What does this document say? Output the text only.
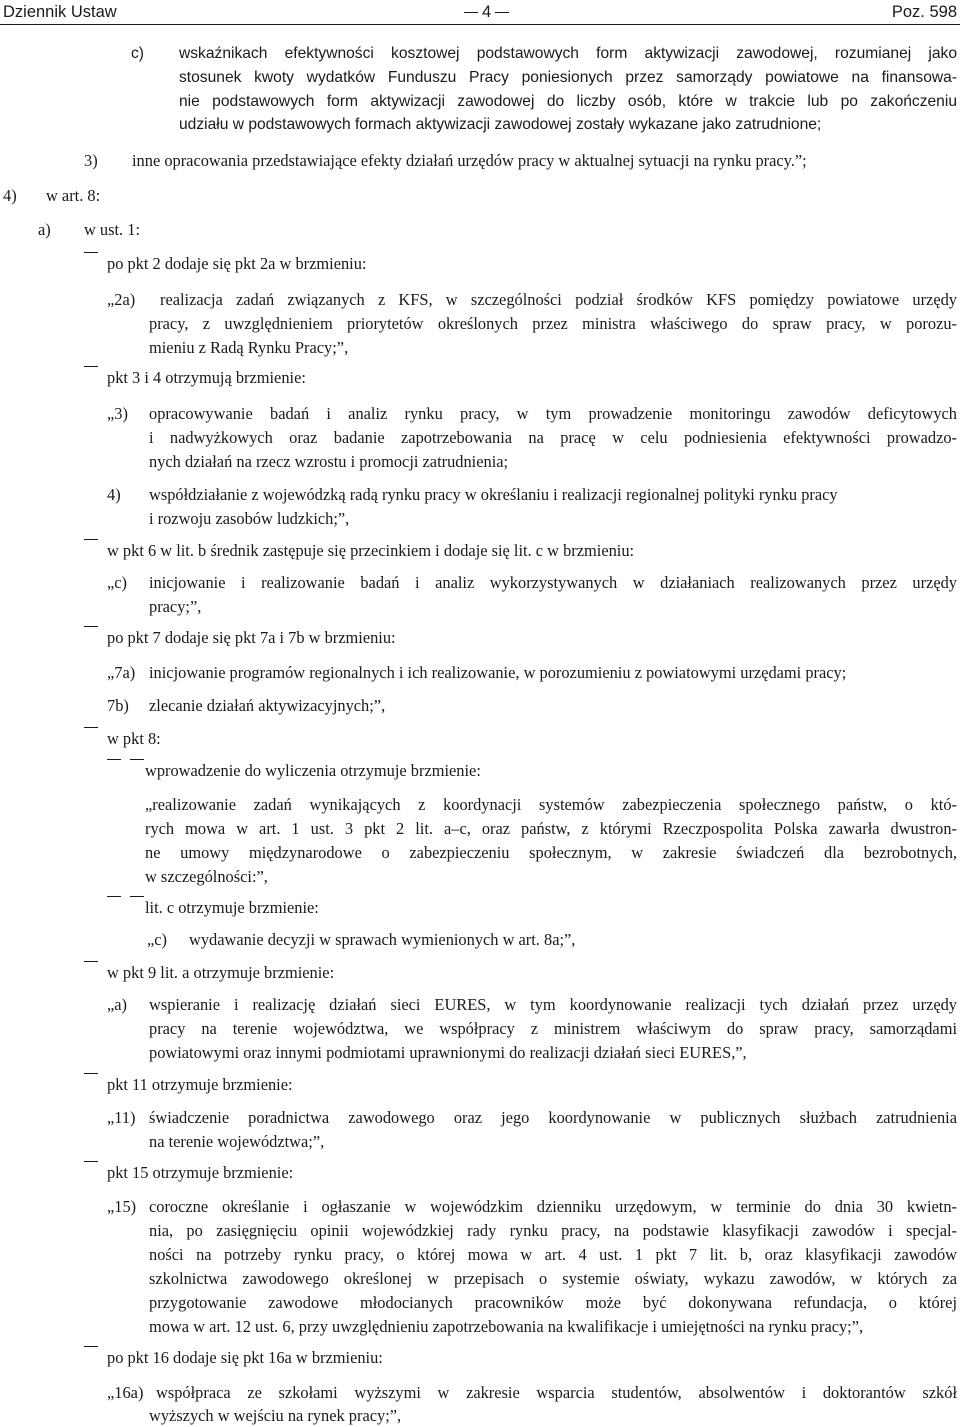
Dziennik Ustaw	4	Poz. 598
c) wskaźnikach efektywności kosztowej podstawowych form aktywizacji zawodowej, rozumianej jako
stosunek kwoty wydatków Funduszu Pracy poniesionych przez samorządy powiatowe na finansowa-
nie podstawowych form aktywizacji zawodowej do liczby osób, które w trakcie lub po zakończeniu
udziału w podstawowych formach aktywizacji zawodowej zostały wykazane jako zatrudnione;
3) inne opracowania przedstawiające efekty działań urzędów pracy w aktualnej sytuacji na rynku pracy.”;
4) w art. 8:
a) w ust. 1:
po pkt 2 dodaje się pkt 2a w brzmieniu:
„2a) realizacja zadań związanych z KFS, w szczególności podział środków KFS pomiędzy powiatowe urzędy
pracy, z uwzględnieniem priorytetów określonych przez ministra właściwego do spraw pracy, w porozu-
mieniu z Radą Rynku Pracy;”,
pkt 3 i 4 otrzymują brzmienie:
„3) opracowywanie badań i analiz rynku pracy, w tym prowadzenie monitoringu zawodów deficytowych
i nadwyżkowych oraz badanie zapotrzebowania na pracę w celu podniesienia efektywności prowadzo-
nych działań na rzecz wzrostu i promocji zatrudnienia;
4) współdziałanie z wojewódzką radą rynku pracy w określaniu i realizacji regionalnej polityki rynku pracy
i rozwoju zasobów ludzkich;”,
w pkt 6 w lit. b średnik zastępuje się przecinkiem i dodaje się lit. c w brzmieniu:
„c) inicjowanie i realizowanie badań i analiz wykorzystywanych w działaniach realizowanych przez urzędy
pracy;”,
po pkt 7 dodaje się pkt 7a i 7b w brzmieniu:
„7a) inicjowanie programów regionalnych i ich realizowanie, w porozumieniu z powiatowymi urzędami pracy;
7b) zlecanie działań aktywizacyjnych;”,
w pkt 8:
wprowadzenie do wyliczenia otrzymuje brzmienie:
„realizowanie zadań wynikających z koordynacji systemów zabezpieczenia społecznego państw, o któ-
rych mowa w art. 1 ust. 3 pkt 2 lit. a–c, oraz państw, z którymi Rzeczpospolita Polska zawarła dwustron-
ne umowy międzynarodowe o zabezpieczeniu społecznym, w zakresie świadczeń dla bezrobotnych,
w szczególności:”,
lit. c otrzymuje brzmienie:
„c) wydawanie decyzji w sprawach wymienionych w art. 8a;”,
w pkt 9 lit. a otrzymuje brzmienie:
„a) wspieranie i realizację działań sieci EURES, w tym koordynowanie realizacji tych działań przez urzędy
pracy na terenie województwa, we współpracy z ministrem właściwym do spraw pracy, samorządami
powiatowymi oraz innymi podmiotami uprawnionymi do realizacji działań sieci EURES,”,
pkt 11 otrzymuje brzmienie:
„11) świadczenie poradnictwa zawodowego oraz jego koordynowanie w publicznych służbach zatrudnienia
na terenie województwa;”,
pkt 15 otrzymuje brzmienie:
„15) coroczne określanie i ogłaszanie w wojewódzkim dzienniku urzędowym, w terminie do dnia 30 kwietn-
nia, po zasięgnięciu opinii wojewódzkiej rady rynku pracy, na podstawie klasyfikacji zawodów i specjal-
ności na potrzeby rynku pracy, o której mowa w art. 4 ust. 1 pkt 7 lit. b, oraz klasyfikacji zawodów
szkolnictwa zawodowego określonej w przepisach o systemie oświaty, wykazu zawodów, w których za
przygotowanie zawodowe młodocianych pracowników może być dokonywana refundacja, o której
mowa w art. 12 ust. 6, przy uwzględnieniu zapotrzebowania na kwalifikacje i umiejętności na rynku pracy;”,
po pkt 16 dodaje się pkt 16a w brzmieniu:
„16a) współpraca ze szkołami wyższymi w zakresie wsparcia studentów, absolwentów i doktorantów szkół
wyższych w wejściu na rynek pracy;”,
